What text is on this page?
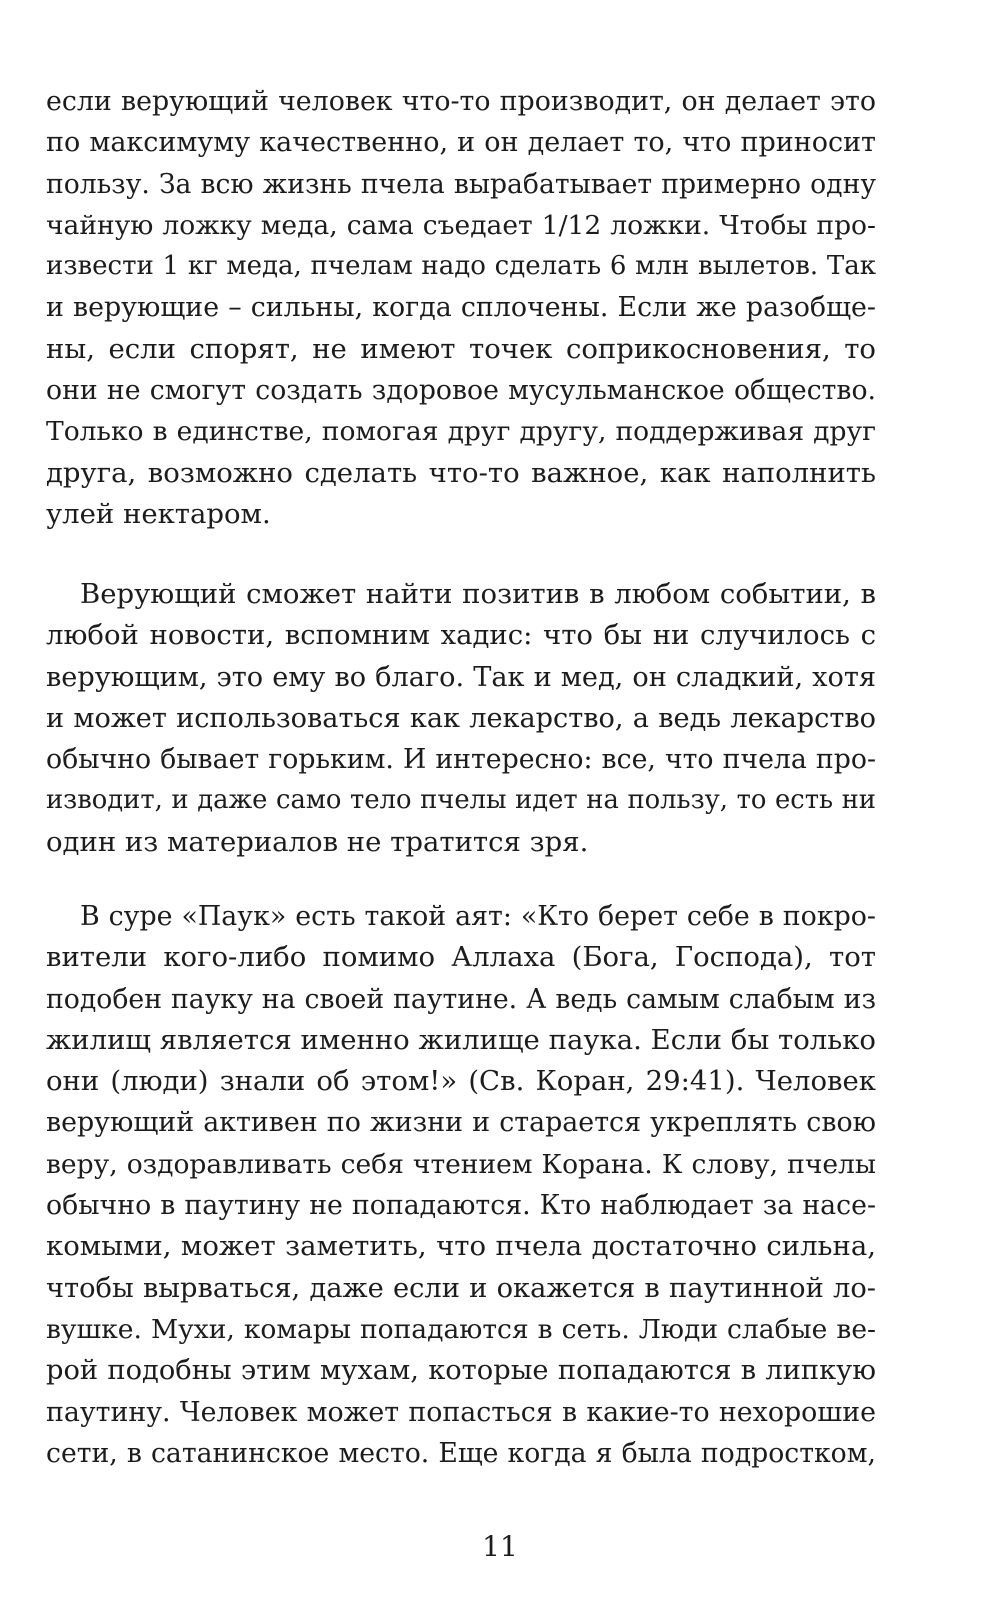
если верующий человек что-то производит, он делает это
по максимуму качественно, и он делает то, что приносит
пользу. За всю жизнь пчела вырабатывает примерно одну
чайную ложку меда, сама съедает 1/12 ложки. Чтобы про-
извести 1 кг меда, пчелам надо сделать 6 млн вылетов. Так
и верующие – сильны, когда сплочены. Если же разобще-
ны, если спорят, не имеют точек соприкосновения, то
они не смогут создать здоровое мусульманское общество.
Только в единстве, помогая друг другу, поддерживая друг
друга, возможно сделать что-то важное, как наполнить
улей нектаром.
Верующий сможет найти позитив в любом событии, в
любой новости, вспомним хадис: что бы ни случилось с
верующим, это ему во благо. Так и мед, он сладкий, хотя
и может использоваться как лекарство, а ведь лекарство
обычно бывает горьким. И интересно: все, что пчела про-
изводит, и даже само тело пчелы идет на пользу, то есть ни
один из материалов не тратится зря.
В суре «Паук» есть такой аят: «Кто берет себе в покро-
вители кого-либо помимо Аллаха (Бога, Господа), тот
подобен пауку на своей паутине. А ведь самым слабым из
жилищ является именно жилище паука. Если бы только
они (люди) знали об этом!» (Св. Коран, 29:41). Человек
верующий активен по жизни и старается укреплять свою
веру, оздоравливать себя чтением Корана. К слову, пчелы
обычно в паутину не попадаются. Кто наблюдает за насе-
комыми, может заметить, что пчела достаточно сильна,
чтобы вырваться, даже если и окажется в паутинной ло-
вушке. Мухи, комары попадаются в сеть. Люди слабые ве-
рой подобны этим мухам, которые попадаются в липкую
паутину. Человек может попасться в какие-то нехорошие
сети, в сатанинское место. Еще когда я была подростком,
11
